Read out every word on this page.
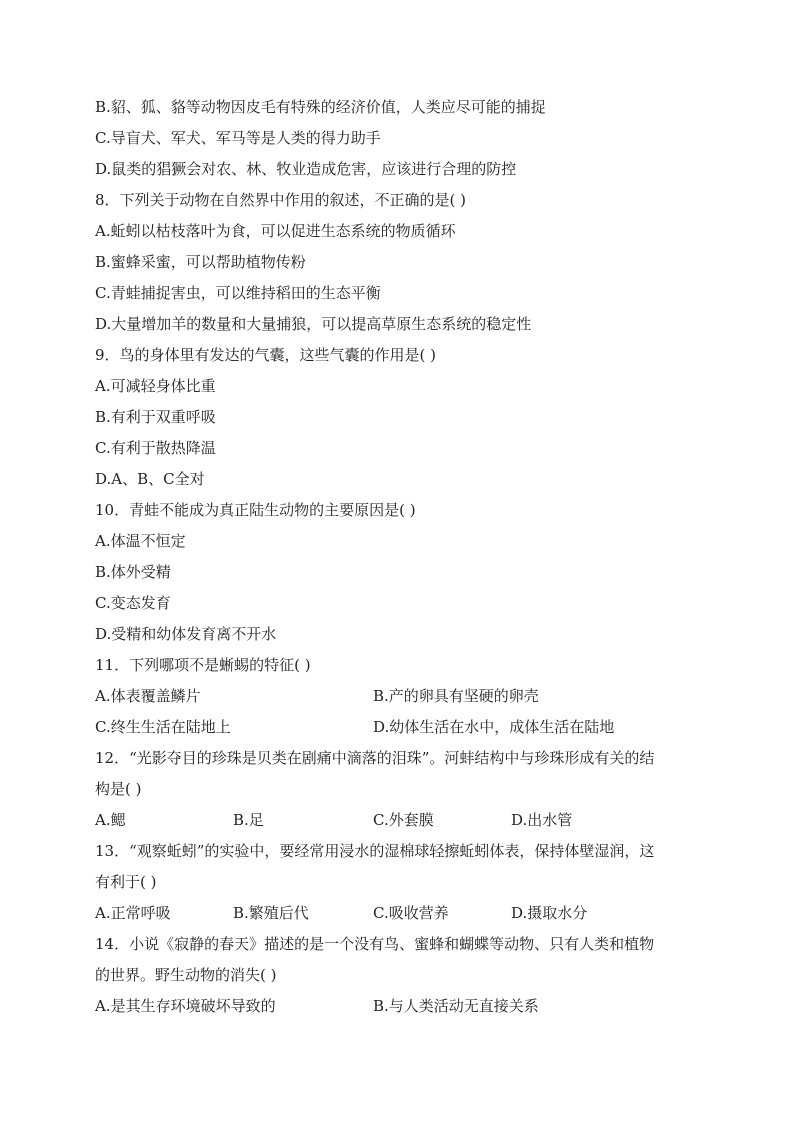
B.貂、狐、貉等动物因皮毛有特殊的经济价值，人类应尽可能的捕捉
C.导盲犬、军犬、军马等是人类的得力助手
D.鼠类的猖獗会对农、林、牧业造成危害，应该进行合理的防控
8．下列关于动物在自然界中作用的叙述，不正确的是( )
A.蚯蚓以枯枝落叶为食，可以促进生态系统的物质循环
B.蜜蜂采蜜，可以帮助植物传粉
C.青蛙捕捉害虫，可以维持稻田的生态平衡
D.大量增加羊的数量和大量捕狼，可以提高草原生态系统的稳定性
9．鸟的身体里有发达的气囊，这些气囊的作用是( )
A.可减轻身体比重
B.有利于双重呼吸
C.有利于散热降温
D.A、B、C全对
10．青蛙不能成为真正陆生动物的主要原因是( )
A.体温不恒定
B.体外受精
C.变态发育
D.受精和幼体发育离不开水
11．下列哪项不是蜥蜴的特征( )
A.体表覆盖鳞片	B.产的卵具有坚硬的卵壳
C.终生生活在陆地上	D.幼体生活在水中，成体生活在陆地
12．“光影夺目的珍珠是贝类在剧痛中滴落的泪珠”。河蚌结构中与珍珠形成有关的结
构是( )
A.鳃	B.足	C.外套膜	D.出水管
13．“观察蚯蚓”的实验中，要经常用浸水的湿棉球轻擦蚯蚓体表，保持体壁湿润，这
有利于( )
A.正常呼吸	B.繁殖后代	C.吸收营养	D.摄取水分
14．小说《寂静的春天》描述的是一个没有鸟、蜜蜂和蝴蝶等动物、只有人类和植物
的世界。野生动物的消失( )
A.是其生存环境破坏导致的	B.与人类活动无直接关系
